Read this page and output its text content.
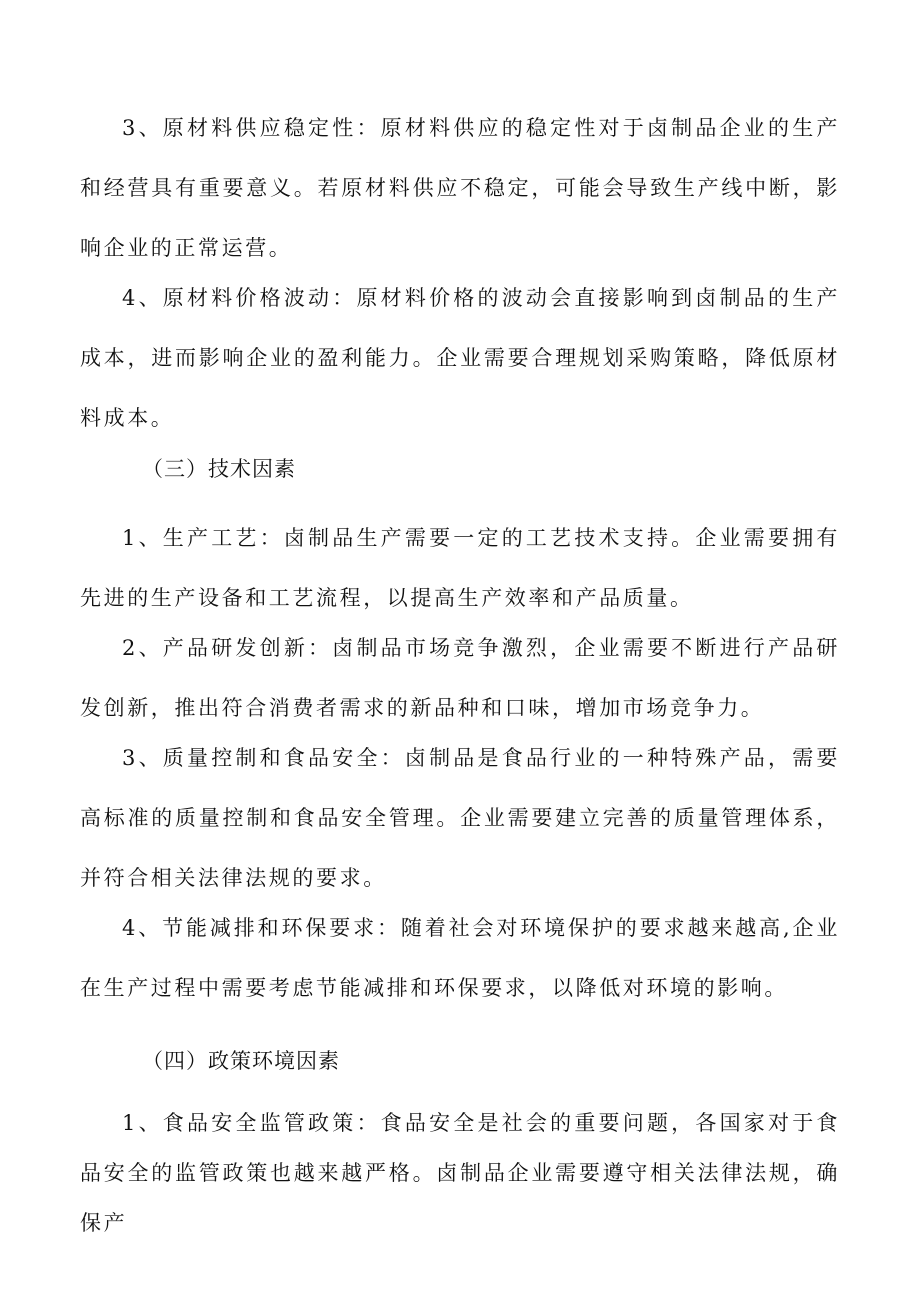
3、原材料供应稳定性：原材料供应的稳定性对于卤制品企业的生产和经营具有重要意义。若原材料供应不稳定，可能会导致生产线中断，影响企业的正常运营。
4、原材料价格波动：原材料价格的波动会直接影响到卤制品的生产成本，进而影响企业的盈利能力。企业需要合理规划采购策略，降低原材料成本。
（三）技术因素
1、生产工艺：卤制品生产需要一定的工艺技术支持。企业需要拥有先进的生产设备和工艺流程，以提高生产效率和产品质量。
2、产品研发创新：卤制品市场竞争激烈，企业需要不断进行产品研发创新，推出符合消费者需求的新品种和口味，增加市场竞争力。
3、质量控制和食品安全：卤制品是食品行业的一种特殊产品，需要高标准的质量控制和食品安全管理。企业需要建立完善的质量管理体系，并符合相关法律法规的要求。
4、节能减排和环保要求：随着社会对环境保护的要求越来越高,企业在生产过程中需要考虑节能减排和环保要求，以降低对环境的影响。
（四）政策环境因素
1、食品安全监管政策：食品安全是社会的重要问题，各国家对于食品安全的监管政策也越来越严格。卤制品企业需要遵守相关法律法规，确保产
